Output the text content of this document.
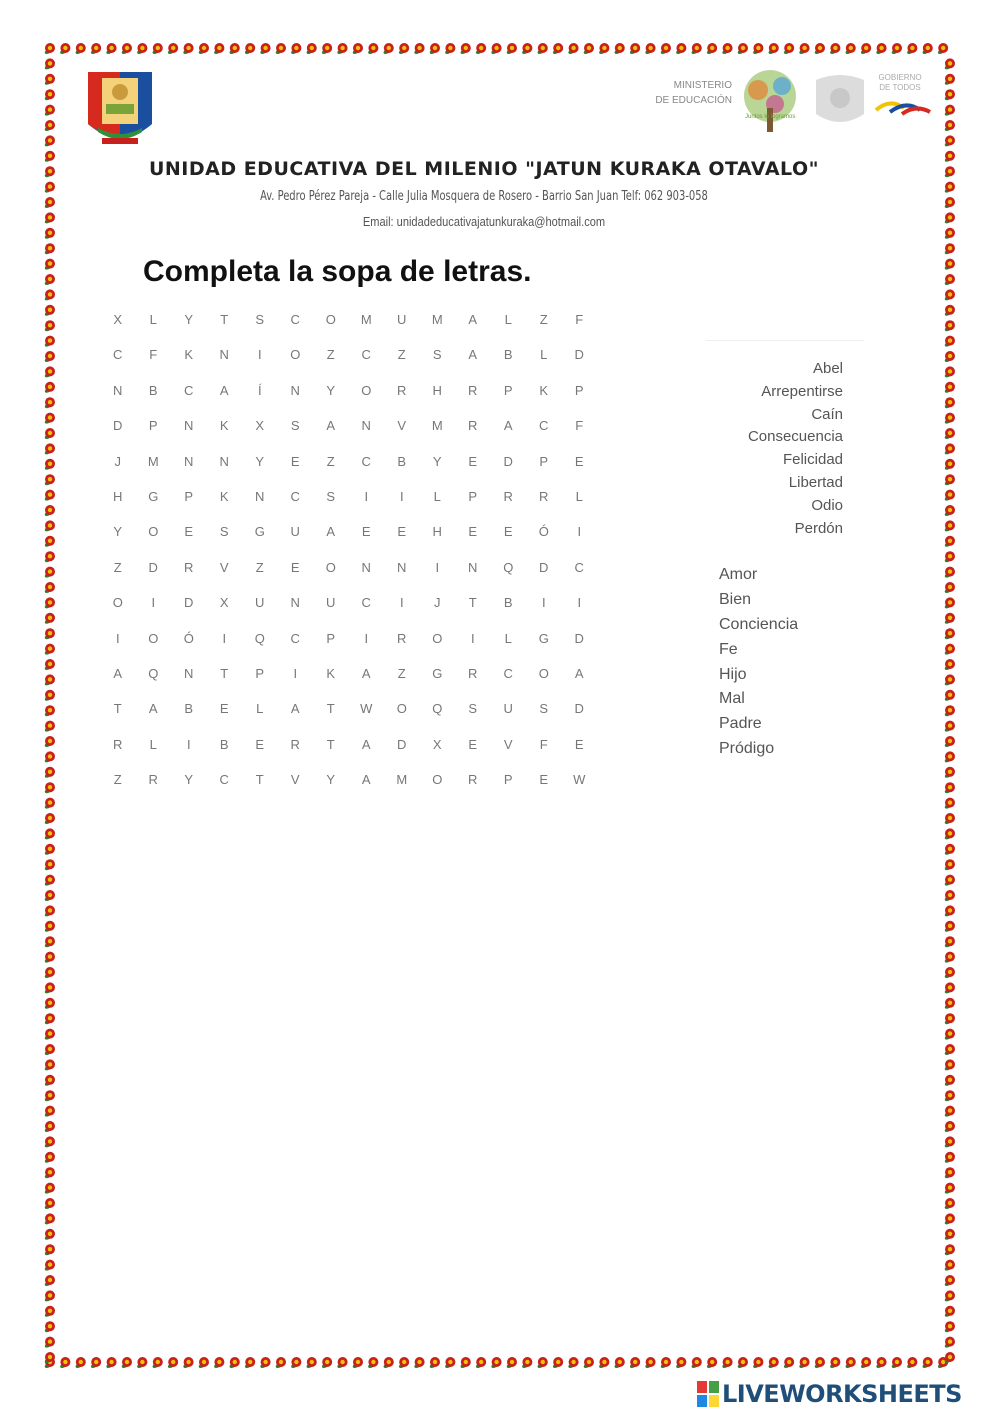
MINISTERIO
DE EDUCACIÓN
Juntos lo logramos
GOBIERNO
DE TODOS
UNIDAD EDUCATIVA DEL MILENIO "JATUN KURAKA OTAVALO"
Av. Pedro Pérez Pareja - Calle Julia Mosquera de Rosero - Barrio San Juan Telf: 062 903-058
Email: unidadeducativajatunkuraka@hotmail.com
Completa la sopa de letras.
X	L	Y	T	S	C	O	M	U	M	A	L	Z	F
C	F	K	N	I	O	Z	C	Z	S	A	B	L	D
N	B	C	A	Í	N	Y	O	R	H	R	P	K	P
D	P	N	K	X	S	A	N	V	M	R	A	C	F
J	M	N	N	Y	E	Z	C	B	Y	E	D	P	E
H	G	P	K	N	C	S	I	I	L	P	R	R	L
Y	O	E	S	G	U	A	E	E	H	E	E	Ó	I
Z	D	R	V	Z	E	O	N	N	I	N	Q	D	C
O	I	D	X	U	N	U	C	I	J	T	B	I	I
I	O	Ó	I	Q	C	P	I	R	O	I	L	G	D
A	Q	N	T	P	I	K	A	Z	G	R	C	O	A
T	A	B	E	L	A	T	W	O	Q	S	U	S	D
R	L	I	B	E	R	T	A	D	X	E	V	F	E
Z	R	Y	C	T	V	Y	A	M	O	R	P	E	W
Abel
Arrepentirse
Caín
Consecuencia
Felicidad
Libertad
Odio
Perdón
Amor
Bien
Conciencia
Fe
Hijo
Mal
Padre
Pródigo
LIVEWORKSHEETS
